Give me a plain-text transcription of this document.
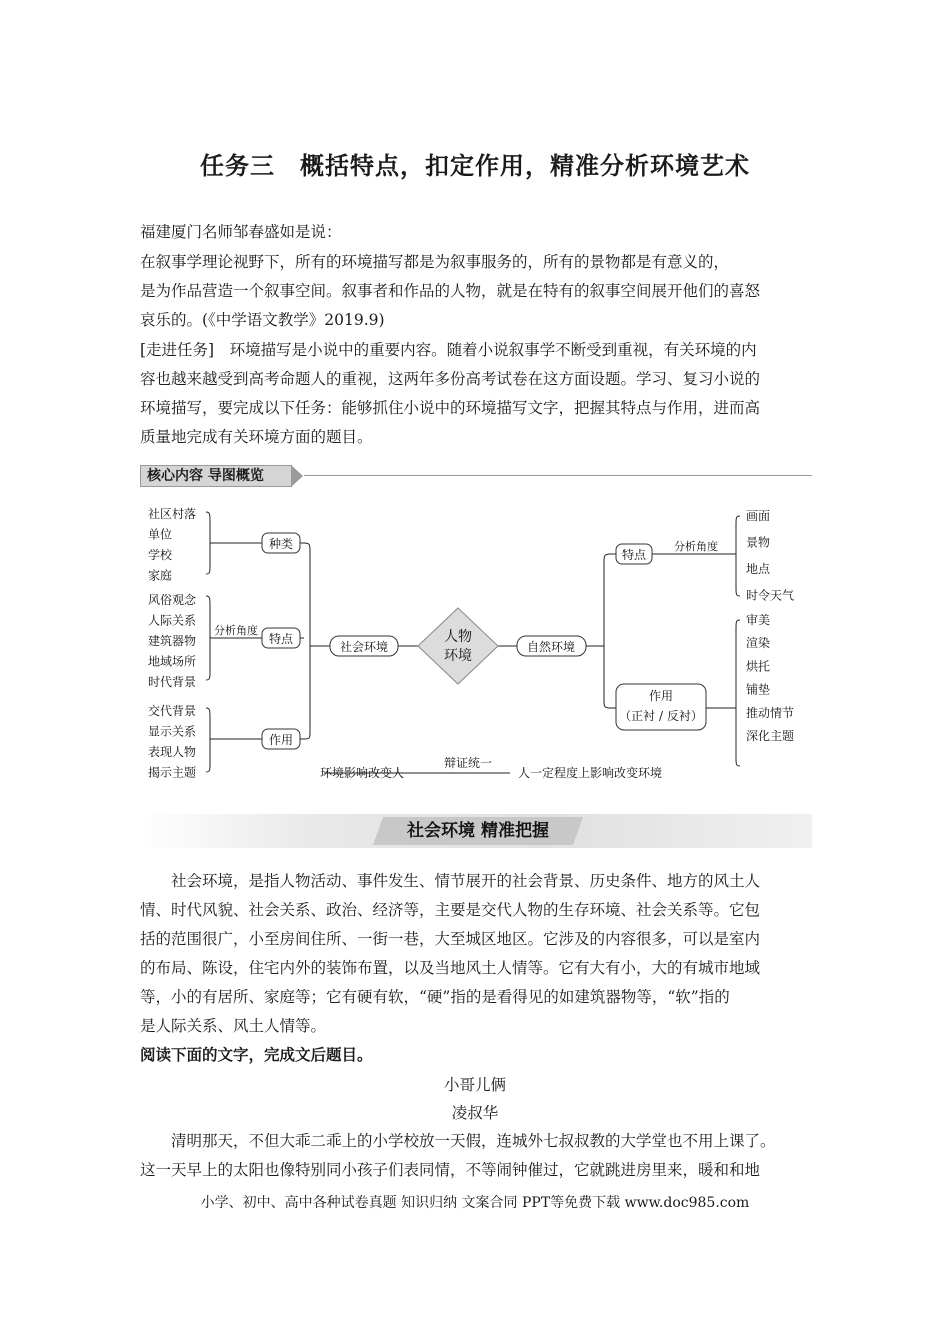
任务三　概括特点，扣定作用，精准分析环境艺术
福建厦门名师邹春盛如是说：
在叙事学理论视野下，所有的环境描写都是为叙事服务的，所有的景物都是有意义的，
是为作品营造一个叙事空间。叙事者和作品的人物，就是在特有的叙事空间展开他们的喜怒
哀乐的。(《中学语文教学》2019.9)
[走进任务]　环境描写是小说中的重要内容。随着小说叙事学不断受到重视，有关环境的内
容也越来越受到高考命题人的重视，这两年多份高考试卷在这方面设题。学习、复习小说的
环境描写，要完成以下任务：能够抓住小说中的环境描写文字，把握其特点与作用，进而高
质量地完成有关环境方面的题目。
核心内容 导图概览
社区村落
单位
学校
家庭
风俗观念
人际关系
建筑器物
地域场所
时代背景
交代背景
显示关系
表现人物
揭示主题
种类
特点
作用
分析角度
社会环境
人物
环境
自然环境
特点
分析角度
作用
（正衬 / 反衬）
画面
景物
地点
时令天气
审美
渲染
烘托
铺垫
推动情节
深化主题
环境影响改变人
辩证统一
人一定程度上影响改变环境
社会环境 精准把握
　　社会环境，是指人物活动、事件发生、情节展开的社会背景、历史条件、地方的风土人
情、时代风貌、社会关系、政治、经济等，主要是交代人物的生存环境、社会关系等。它包
括的范围很广，小至房间住所、一街一巷，大至城区地区。它涉及的内容很多，可以是室内
的布局、陈设，住宅内外的装饰布置，以及当地风土人情等。它有大有小，大的有城市地域
等，小的有居所、家庭等；它有硬有软，“硬”指的是看得见的如建筑器物等，“软”指的
是人际关系、风土人情等。
阅读下面的文字，完成文后题目。
小哥儿俩
凌叔华
　　清明那天，不但大乖二乖上的小学校放一天假，连城外七叔叔教的大学堂也不用上课了。
这一天早上的太阳也像特别同小孩子们表同情，不等闹钟催过，它就跳进房里来，暖和和地
小学、初中、高中各种试卷真题 知识归纳 文案合同 PPT等免费下载 www.doc985.com
